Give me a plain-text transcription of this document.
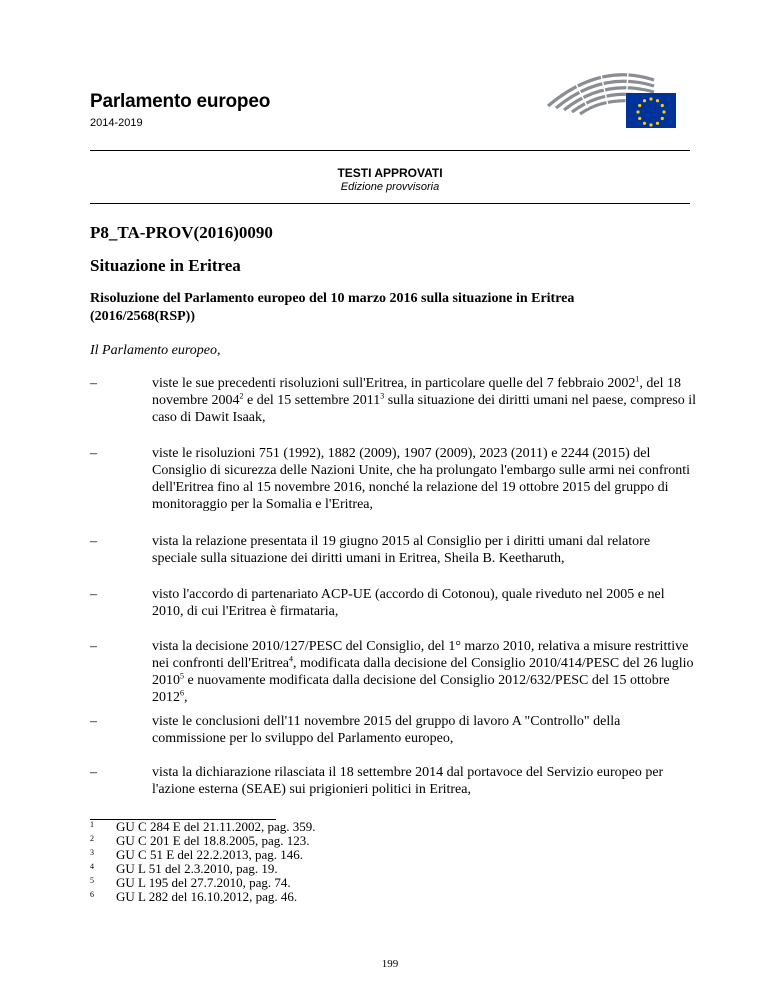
Parlamento europeo
2014-2019
TESTI APPROVATI
Edizione provvisoria
P8_TA-PROV(2016)0090
Situazione in Eritrea
Risoluzione del Parlamento europeo del 10 marzo 2016 sulla situazione in Eritrea (2016/2568(RSP))
Il Parlamento europeo,
–	viste le sue precedenti risoluzioni sull'Eritrea, in particolare quelle del 7 febbraio 2002$^1$, del 18 novembre 2004$^2$ e del 15 settembre 2011$^3$ sulla situazione dei diritti umani nel paese, compreso il caso di Dawit Isaak,
–	viste le risoluzioni 751 (1992), 1882 (2009), 1907 (2009), 2023 (2011) e 2244 (2015) del Consiglio di sicurezza delle Nazioni Unite, che ha prolungato l'embargo sulle armi nei confronti dell'Eritrea fino al 15 novembre 2016, nonché la relazione del 19 ottobre 2015 del gruppo di monitoraggio per la Somalia e l'Eritrea,
–	vista la relazione presentata il 19 giugno 2015 al Consiglio per i diritti umani dal relatore speciale sulla situazione dei diritti umani in Eritrea, Sheila B. Keetharuth,
–	visto l'accordo di partenariato ACP-UE (accordo di Cotonou), quale riveduto nel 2005 e nel 2010, di cui l'Eritrea è firmataria,
–	vista la decisione 2010/127/PESC del Consiglio, del 1° marzo 2010, relativa a misure restrittive nei confronti dell'Eritrea$^4$, modificata dalla decisione del Consiglio 2010/414/PESC del 26 luglio 2010$^5$ e nuovamente modificata dalla decisione del Consiglio 2012/632/PESC del 15 ottobre 2012$^6$,
–	viste le conclusioni dell'11 novembre 2015 del gruppo di lavoro A "Controllo" della commissione per lo sviluppo del Parlamento europeo,
–	vista la dichiarazione rilasciata il 18 settembre 2014 dal portavoce del Servizio europeo per l'azione esterna (SEAE) sui prigionieri politici in Eritrea,
1 GU C 284 E del 21.11.2002, pag. 359.
2 GU C 201 E del 18.8.2005, pag. 123.
3 GU C 51 E del 22.2.2013, pag. 146.
4 GU L 51 del 2.3.2010, pag. 19.
5 GU L 195 del 27.7.2010, pag. 74.
6 GU L 282 del 16.10.2012, pag. 46.
199
